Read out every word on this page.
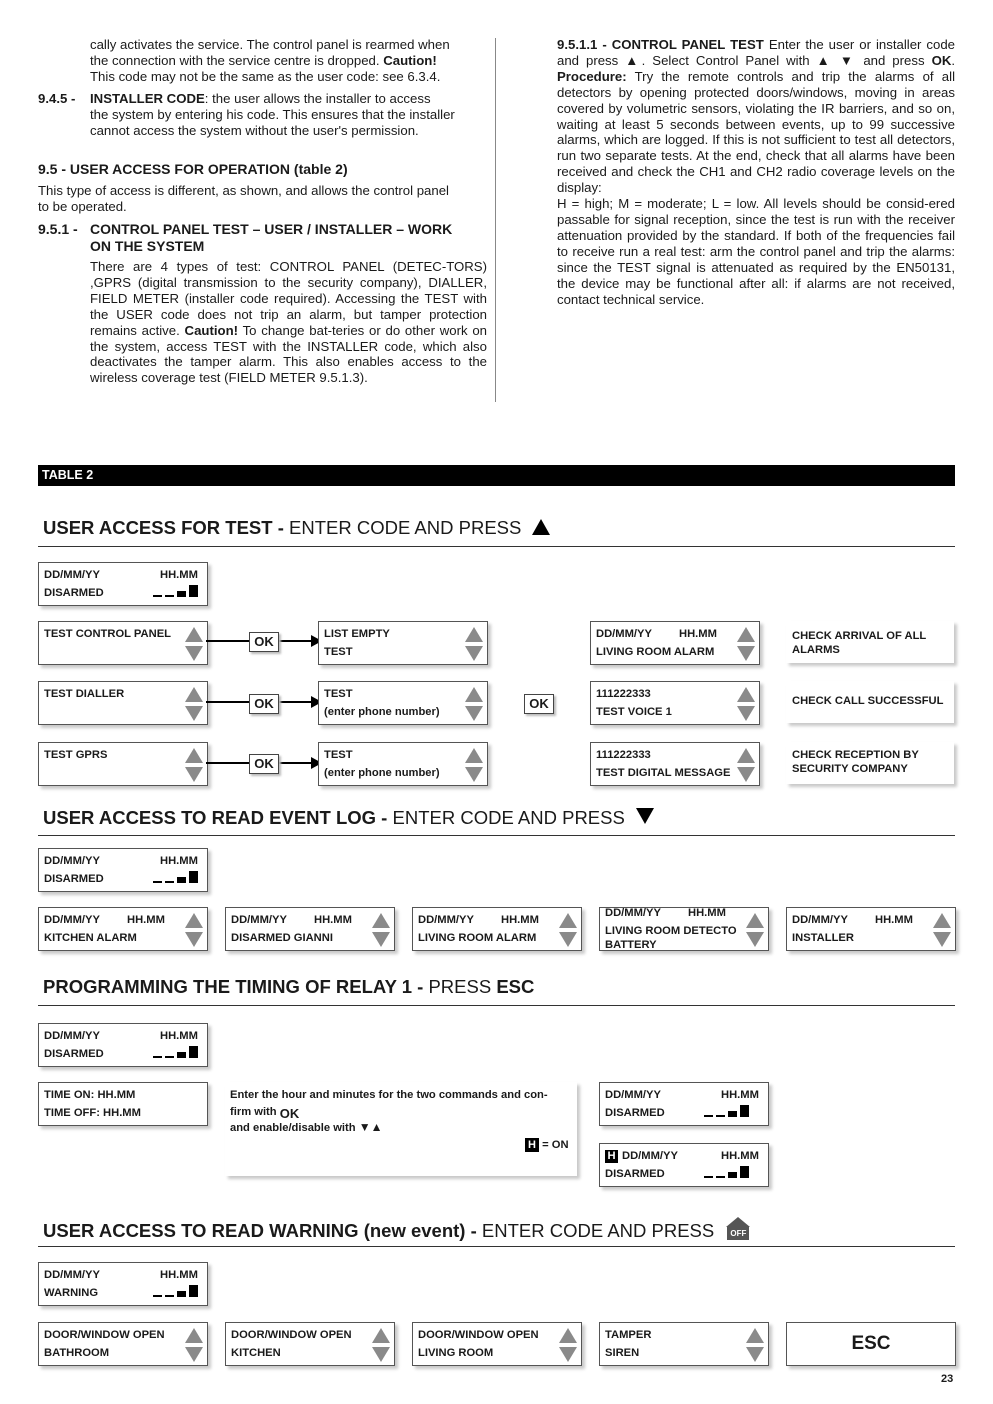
cally activates the service. The control panel is rearmed when
the connection with the service centre is dropped. Caution!
This code may not be the same as the user code: see 6.3.4.
9.4.5 - INSTALLER CODE: the user allows the installer to access
the system by entering his code. This ensures that the installer
cannot access the system without the user's permission.
9.5 - USER ACCESS FOR OPERATION (table 2)
This type of access is different, as shown, and allows the control panel
to be operated.
9.5.1 - CONTROL PANEL TEST – USER / INSTALLER – WORK
ON THE SYSTEM
There are 4 types of test: CONTROL PANEL (DETEC-TORS) ,GPRS (digital transmission to the security company), DIALLER, FIELD METER (installer code required). Accessing the TEST with the USER code does not trip an alarm, but tamper protection remains active. Caution! To change bat-teries or do other work on the system, access TEST with the INSTALLER code, which also deactivates the tamper alarm. This also enables access to the wireless coverage test (FIELD METER 9.5.1.3).
9.5.1.1 - CONTROL PANEL TEST Enter the user or installer code and press ▲. Select Control Panel with ▲ ▼ and press OK. Procedure: Try the remote controls and trip the alarms of all detectors by opening protected doors/windows, moving in areas covered by volumetric sensors, violating the IR barriers, and so on, waiting at least 5 seconds between events, up to 99 successive alarms, which are logged. If this is not sufficient to test all detectors, run two separate tests. At the end, check that all alarms have been received and check the CH1 and CH2 radio coverage levels on the display:
H = high; M = moderate; L = low. All levels should be consid-ered passable for signal reception, since the test is run with the receiver attenuation provided by the standard. If both of the frequencies fail to receive run a real test: arm the control panel and trip the alarms: since the TEST signal is attenuated as required by the EN50131, the device may be functional after all: if alarms are not received, contact technical service.
TABLE 2
USER ACCESS FOR TEST - ENTER CODE AND PRESS
DD/MM/YY	HH.MM
DISARMED
TEST CONTROL PANEL	OK	LIST EMPTY
TEST
DD/MM/YY HH.MM
LIVING ROOM ALARM
CHECK ARRIVAL OF ALL ALARMS
TEST DIALLER
OK
TEST
(enter phone number)
OK
111222333
TEST VOICE 1
CHECK CALL SUCCESSFUL
TEST GPRS
OK
TEST
(enter phone number)
111222333
TEST DIGITAL MESSAGE
CHECK RECEPTION BY
SECURITY COMPANY
USER ACCESS TO READ EVENT LOG - ENTER CODE AND PRESS
DD/MM/YY	HH.MM
DISARMED
DD/MM/YY HH.MM
KITCHEN ALARM
DD/MM/YY HH.MM
DISARMED GIANNI
DD/MM/YY HH.MM
LIVING ROOM ALARM
DD/MM/YY HH.MM
LIVING ROOM DETECTO
BATTERY
DD/MM/YY HH.MM
INSTALLER
PROGRAMMING THE TIMING OF RELAY 1 - PRESS ESC
DD/MM/YY	HH.MM
DISARMED
TIME ON: HH.MM
TIME OFF: HH.MM
Enter the hour and minutes for the two commands and con-
firm with OK
and enable/disable with ▼▲
H = ON
DD/MM/YY	HH.MM
DISARMED
H DD/MM/YY	HH.MM
DISARMED
USER ACCESS TO READ WARNING (new event) - ENTER CODE AND PRESS	OFF
DD/MM/YY	HH.MM
WARNING
DOOR/WINDOW OPEN
BATHROOM
DOOR/WINDOW OPEN
KITCHEN
DOOR/WINDOW OPEN
LIVING ROOM
TAMPER
SIREN	ESC
23
